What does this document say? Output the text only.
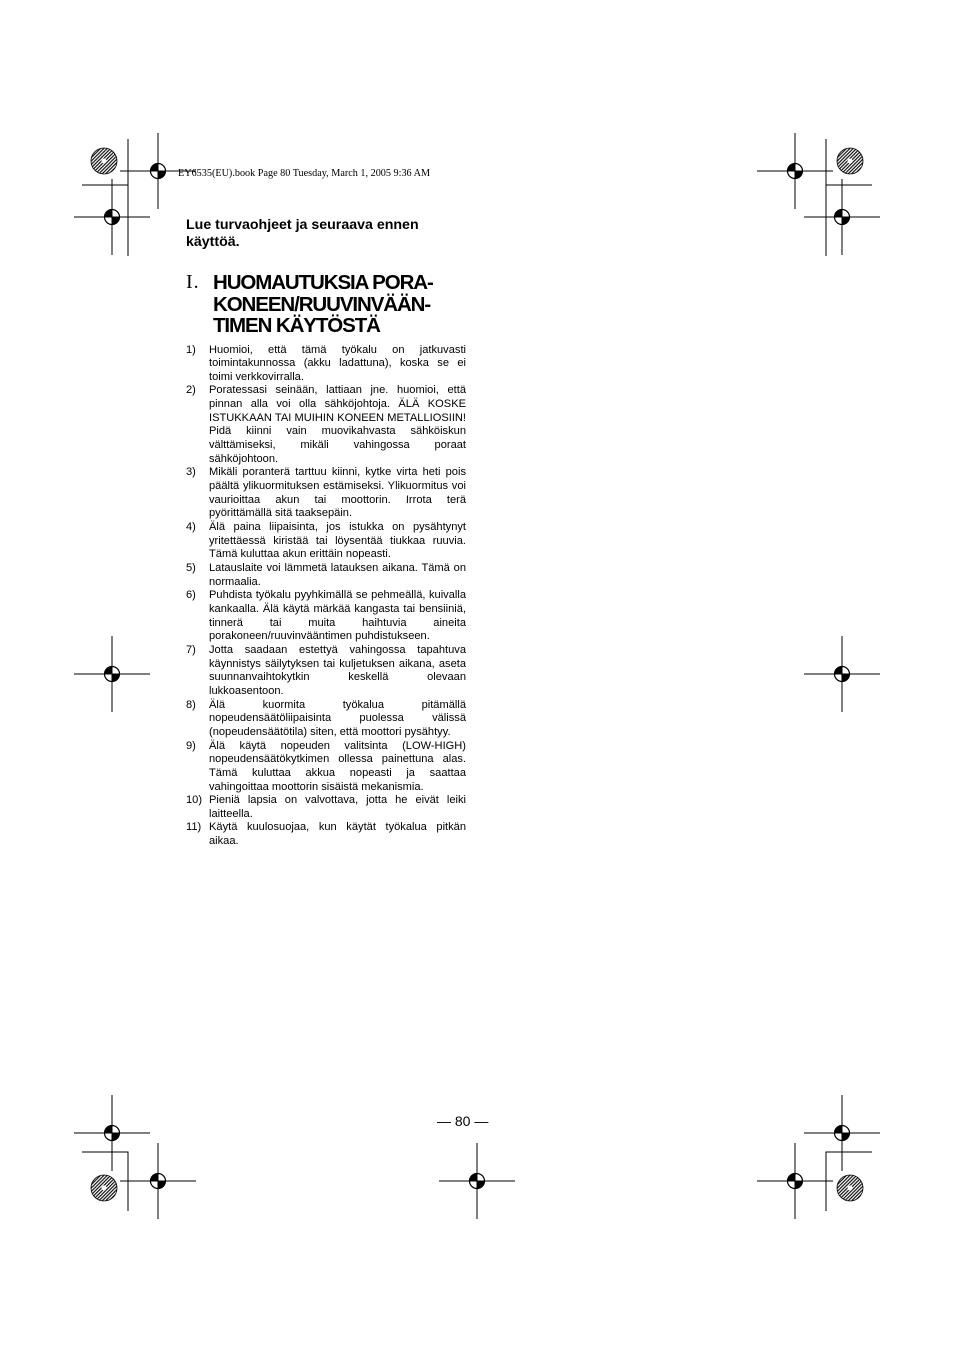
EY6535(EU).book Page 80 Tuesday, March 1, 2005 9:36 AM

Lue turvaohjeet ja seuraava ennen käyttöä.

I. HUOMAUTUKSIA PORA-
KONEEN/RUUVINVÄÄN-
TIMEN KÄYTÖSTÄ
1)	Huomioi, että tämä työkalu on jatkuvasti toimintakunnossa (akku ladattuna), koska se ei toimi verkkovirralla.
2)	Poratessasi seinään, lattiaan jne. huomioi, että pinnan alla voi olla sähköjohtoja. ÄLÄ KOSKE ISTUKKAAN TAI MUIHIN KONEEN METALLIOSIIN! Pidä kiinni vain muovikahvasta sähköiskun välttämiseksi, mikäli vahingossa poraat sähköjohtoon.
3)	Mikäli poranterä tarttuu kiinni, kytke virta heti pois päältä ylikuormituksen estämiseksi. Ylikuormitus voi vaurioittaa akun tai moottorin. Irrota terä pyörittämällä sitä taaksepäin.
4)	Älä paina liipaisinta, jos istukka on pysähtynyt yritettäessä kiristää tai löysentää tiukkaa ruuvia. Tämä kuluttaa akun erittäin nopeasti.
5)	Latauslaite voi lämmetä latauksen aikana. Tämä on normaalia.
6)	Puhdista työkalu pyyhkimällä se pehmeällä, kuivalla kankaalla. Älä käytä märkää kangasta tai bensiiniä, tinnerä tai muita haihtuvia aineita porakoneen/ruuvinvääntimen puhdistukseen.
7)	Jotta saadaan estettyä vahingossa tapahtuva käynnistys säilytyksen tai kuljetuksen aikana, aseta suunnanvaihtokytkin keskellä olevaan lukkoasentoon.
8)	Älä kuormita työkalua pitämällä nopeudensäätöliipaisinta puolessa välissä (nopeudensäätötila) siten, että moottori pysähtyy.
9)	Älä käytä nopeuden valitsinta (LOW-HIGH) nopeudensäätökytkimen ollessa painettuna alas. Tämä kuluttaa akkua nopeasti ja saattaa vahingoittaa moottorin sisäistä mekanismia.
10) Pieniä lapsia on valvottava, jotta he eivät leiki laitteella.
11) Käytä kuulosuojaa, kun käytät työkalua pitkän aikaa.
— 80 —
